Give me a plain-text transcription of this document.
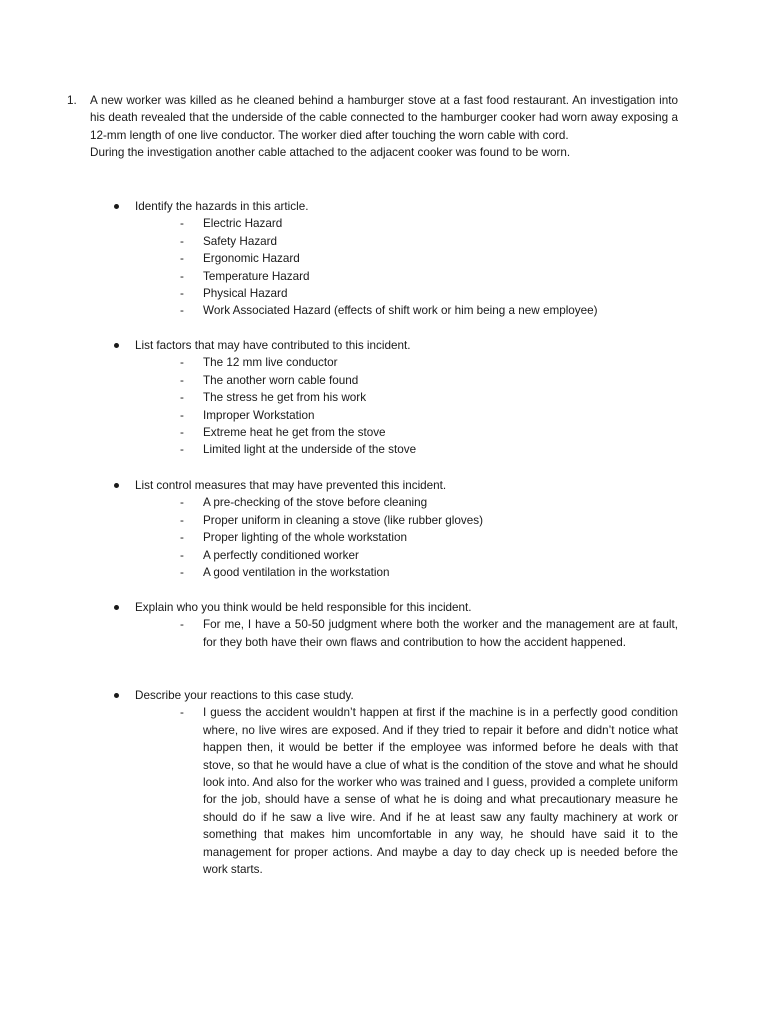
1. A new worker was killed as he cleaned behind a hamburger stove at a fast food restaurant. An investigation into his death revealed that the underside of the cable connected to the hamburger cooker had worn away exposing a 12-mm length of one live conductor. The worker died after touching the worn cable with cord.

During the investigation another cable attached to the adjacent cooker was found to be worn.

Identify the hazards in this article.
- Electric Hazard
- Safety Hazard
- Ergonomic Hazard
- Temperature Hazard
- Physical Hazard
- Work Associated Hazard (effects of shift work or him being a new employee)
List factors that may have contributed to this incident.
- The 12 mm live conductor
- The another worn cable found
- The stress he get from his work
- Improper Workstation
- Extreme heat he get from the stove
- Limited light at the underside of the stove
List control measures that may have prevented this incident.
- A pre-checking of the stove before cleaning
- Proper uniform in cleaning a stove (like rubber gloves)
- Proper lighting of the whole workstation
- A perfectly conditioned worker
- A good ventilation in the workstation
Explain who you think would be held responsible for this incident.
- For me, I have a 50-50 judgment where both the worker and the management are at fault, for they both have their own flaws and contribution to how the accident happened.
Describe your reactions to this case study.
- I guess the accident wouldn’t happen at first if the machine is in a perfectly good condition where, no live wires are exposed. And if they tried to repair it before and didn’t notice what happen then, it would be better if the employee was informed before he deals with that stove, so that he would have a clue of what is the condition of the stove and what he should look into. And also for the worker who was trained and I guess, provided a complete uniform for the job, should have a sense of what he is doing and what precautionary measure he should do if he saw a live wire. And if he at least saw any faulty machinery at work or something that makes him uncomfortable in any way, he should have said it to the management for proper actions. And maybe a day to day check up is needed before the work starts.
